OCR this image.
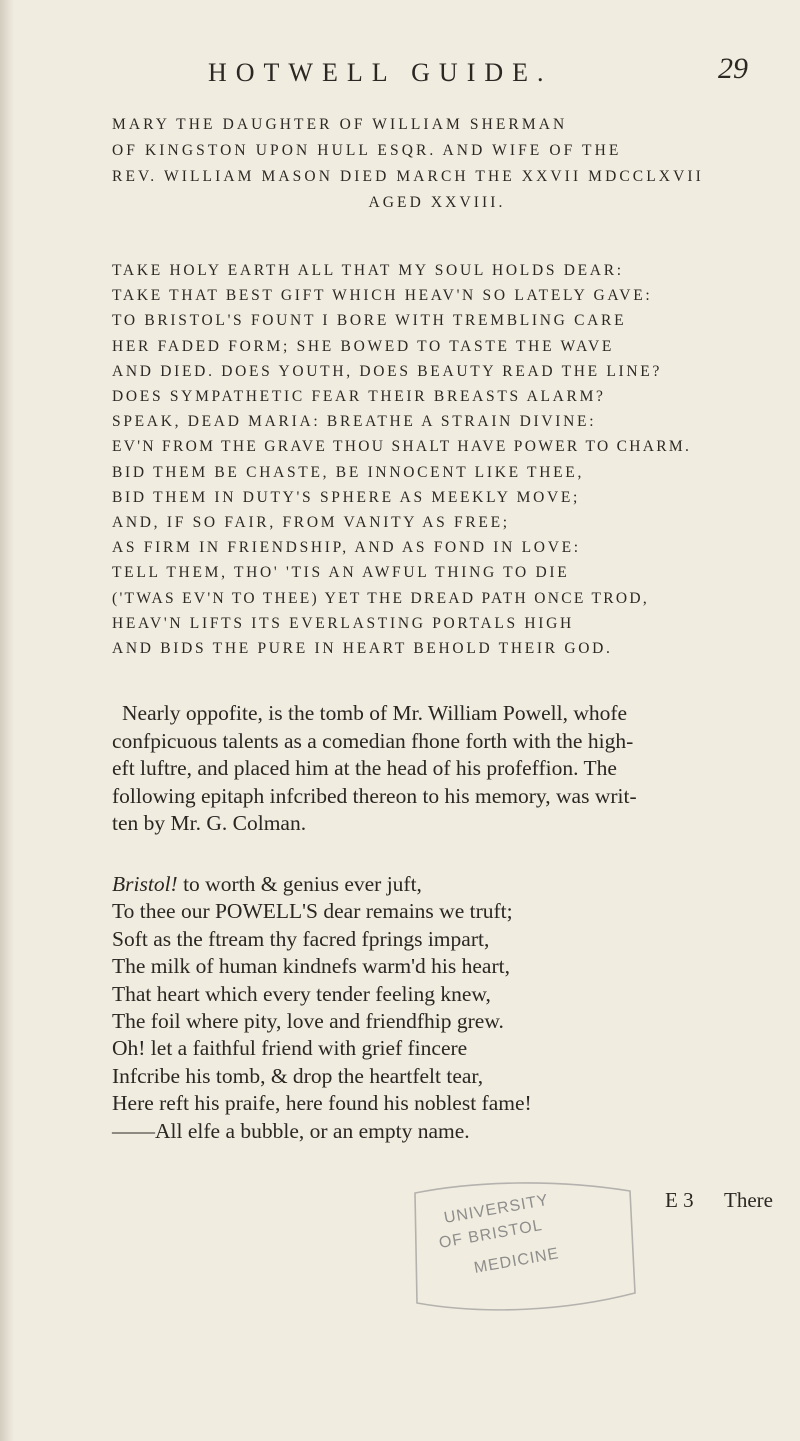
HOTWELL GUIDE.	29
MARY THE DAUGHTER OF WILLIAM SHERMAN
OF KINGSTON UPON HULL ESQR. AND WIFE OF THE
REV. WILLIAM MASON DIED MARCH THE XXVII MDCCLXVII
AGED XXVIII.
TAKE HOLY EARTH ALL THAT MY SOUL HOLDS DEAR:
TAKE THAT BEST GIFT WHICH HEAV'N SO LATELY GAVE:
TO BRISTOL'S FOUNT I BORE WITH TREMBLING CARE
HER FADED FORM; SHE BOWED TO TASTE THE WAVE
AND DIED. DOES YOUTH, DOES BEAUTY READ THE LINE?
DOES SYMPATHETIC FEAR THEIR BREASTS ALARM?
SPEAK, DEAD MARIA: BREATHE A STRAIN DIVINE:
EV'N FROM THE GRAVE THOU SHALT HAVE POWER TO CHARM.
BID THEM BE CHASTE, BE INNOCENT LIKE THEE,
BID THEM IN DUTY'S SPHERE AS MEEKLY MOVE;
AND, IF SO FAIR, FROM VANITY AS FREE;
AS FIRM IN FRIENDSHIP, AND AS FOND IN LOVE:
TELL THEM, THO' 'TIS AN AWFUL THING TO DIE
('TWAS EV'N TO THEE) YET THE DREAD PATH ONCE TROD,
HEAV'N LIFTS ITS EVERLASTING PORTALS HIGH
AND BIDS THE PURE IN HEART BEHOLD THEIR GOD.
Nearly oppofite, is the tomb of Mr. William Powell, whofe
confpicuous talents as a comedian fhone forth with the high-
eft luftre, and placed him at the head of his profeffion. The
following epitaph infcribed thereon to his memory, was writ-
ten by Mr. G. Colman.
Bristol! to worth & genius ever juft,
To thee our POWELL'S dear remains we truft;
Soft as the ftream thy facred fprings impart,
The milk of human kindnefs warm'd his heart,
That heart which every tender feeling knew,
The foil where pity, love and friendfhip grew.
Oh! let a faithful friend with grief fincere
Infcribe his tomb, & drop the heartfelt tear,
Here reft his praife, here found his noblest fame!
——All elfe a bubble, or an empty name.
UNIVERSITY
OF BRISTOL
MEDICINE
E 3 There
